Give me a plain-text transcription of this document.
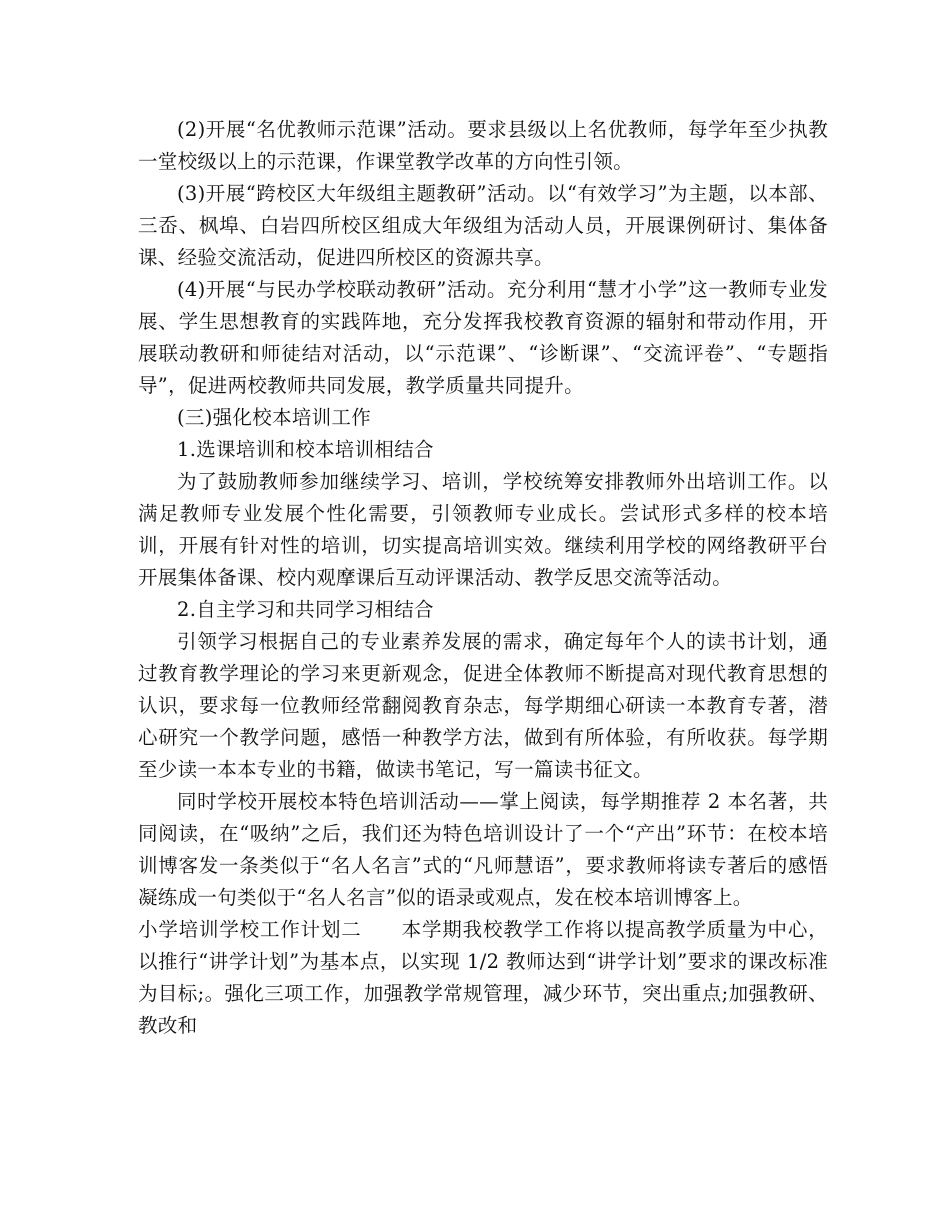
(2)开展“名优教师示范课”活动。要求县级以上名优教师，每学年至少执教一堂校级以上的示范课，作课堂教学改革的方向性引领。

(3)开展“跨校区大年级组主题教研”活动。以“有效学习”为主题，以本部、三岙、枫埠、白岩四所校区组成大年级组为活动人员，开展课例研讨、集体备课、经验交流活动，促进四所校区的资源共享。

(4)开展“与民办学校联动教研”活动。充分利用“慧才小学”这一教师专业发展、学生思想教育的实践阵地，充分发挥我校教育资源的辐射和带动作用，开展联动教研和师徒结对活动，以“示范课”、“诊断课”、“交流评卷”、“专题指导”，促进两校教师共同发展，教学质量共同提升。

(三)强化校本培训工作

1.选课培训和校本培训相结合

为了鼓励教师参加继续学习、培训，学校统筹安排教师外出培训工作。以满足教师专业发展个性化需要，引领教师专业成长。尝试形式多样的校本培训，开展有针对性的培训，切实提高培训实效。继续利用学校的网络教研平台开展集体备课、校内观摩课后互动评课活动、教学反思交流等活动。

2.自主学习和共同学习相结合

引领学习根据自己的专业素养发展的需求，确定每年个人的读书计划，通过教育教学理论的学习来更新观念，促进全体教师不断提高对现代教育思想的认识，要求每一位教师经常翻阅教育杂志，每学期细心研读一本教育专著，潜心研究一个教学问题，感悟一种教学方法，做到有所体验，有所收获。每学期至少读一本本专业的书籍，做读书笔记，写一篇读书征文。

同时学校开展校本特色培训活动——掌上阅读，每学期推荐 2 本名著，共同阅读，在“吸纳”之后，我们还为特色培训设计了一个“产出”环节：在校本培训博客发一条类似于“名人名言”式的“凡师慧语”，要求教师将读专著后的感悟凝练成一句类似于“名人名言”似的语录或观点，发在校本培训博客上。

小学培训学校工作计划二 本学期我校教学工作将以提高教学质量为中心，以推行“讲学计划”为基本点，以实现 1/2 教师达到“讲学计划”要求的课改标准为目标;。强化三项工作，加强教学常规管理，减少环节，突出重点;加强教研、教改和
